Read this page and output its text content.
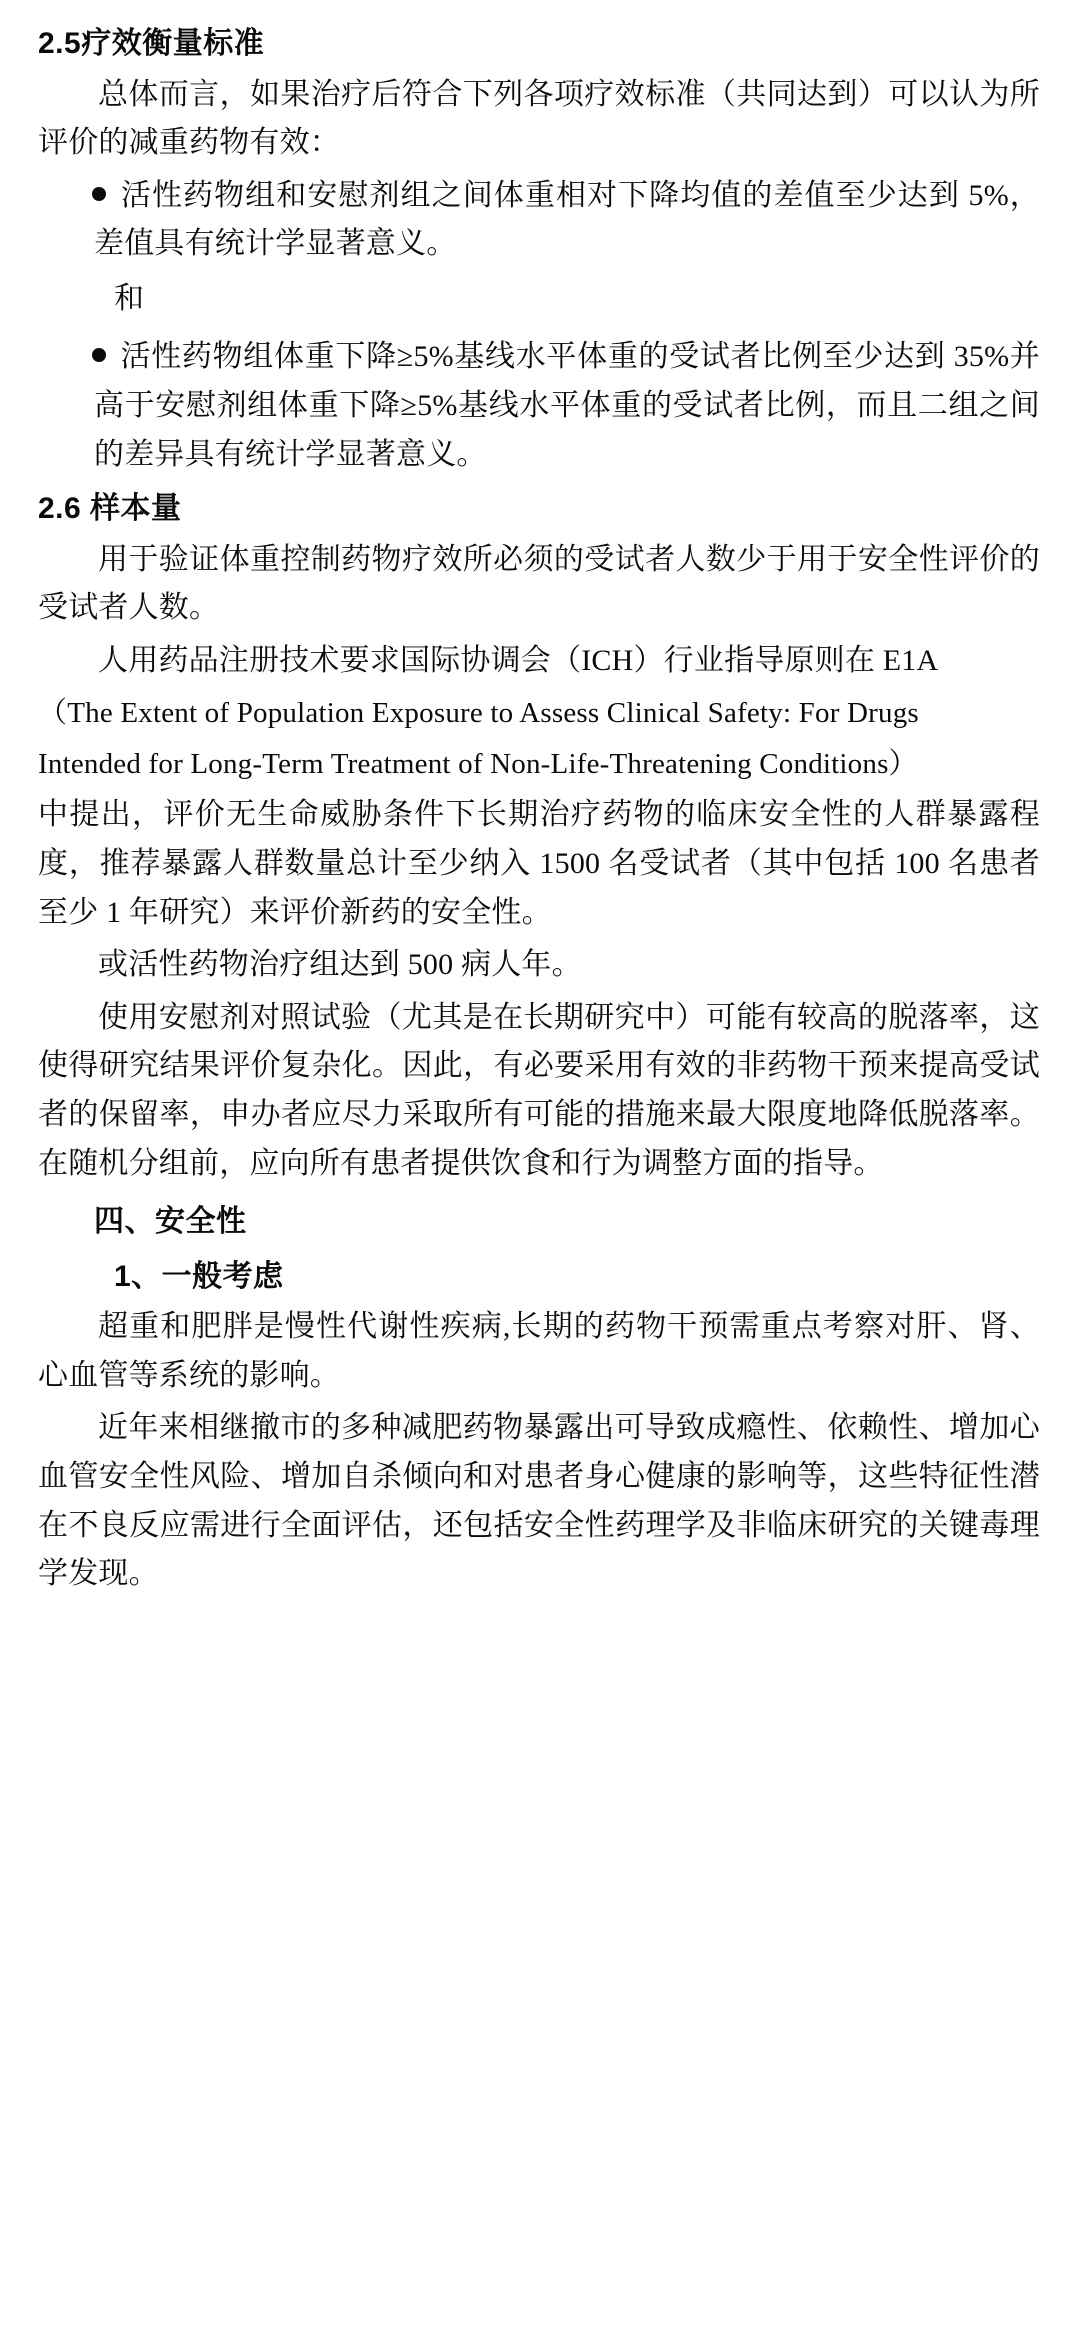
2.5疗效衡量标准

总体而言，如果治疗后符合下列各项疗效标准（共同达到）可以认为所评价的减重药物有效：

活性药物组和安慰剂组之间体重相对下降均值的差值至少达到 5%，差值具有统计学显著意义。

和

活性药物组体重下降≥5%基线水平体重的受试者比例至少达到 35%并高于安慰剂组体重下降≥5%基线水平体重的受试者比例，而且二组之间的差异具有统计学显著意义。

2.6 样本量

用于验证体重控制药物疗效所必须的受试者人数少于用于安全性评价的受试者人数。

人用药品注册技术要求国际协调会（ICH）行业指导原则在 E1A

（The Extent of Population Exposure to Assess Clinical Safety: For Drugs

Intended for Long-Term Treatment of Non-Life-Threatening Conditions）

中提出，评价无生命威胁条件下长期治疗药物的临床安全性的人群暴露程度，推荐暴露人群数量总计至少纳入 1500 名受试者（其中包括 100 名患者至少 1 年研究）来评价新药的安全性。

或活性药物治疗组达到 500 病人年。

使用安慰剂对照试验（尤其是在长期研究中）可能有较高的脱落率，这使得研究结果评价复杂化。因此，有必要采用有效的非药物干预来提高受试者的保留率，申办者应尽力采取所有可能的措施来最大限度地降低脱落率。在随机分组前，应向所有患者提供饮食和行为调整方面的指导。

四、安全性
1、一般考虑

超重和肥胖是慢性代谢性疾病,长期的药物干预需重点考察对肝、肾、心血管等系统的影响。

近年来相继撤市的多种减肥药物暴露出可导致成瘾性、依赖性、增加心血管安全性风险、增加自杀倾向和对患者身心健康的影响等，这些特征性潜在不良反应需进行全面评估，还包括安全性药理学及非临床研究的关键毒理学发现。
